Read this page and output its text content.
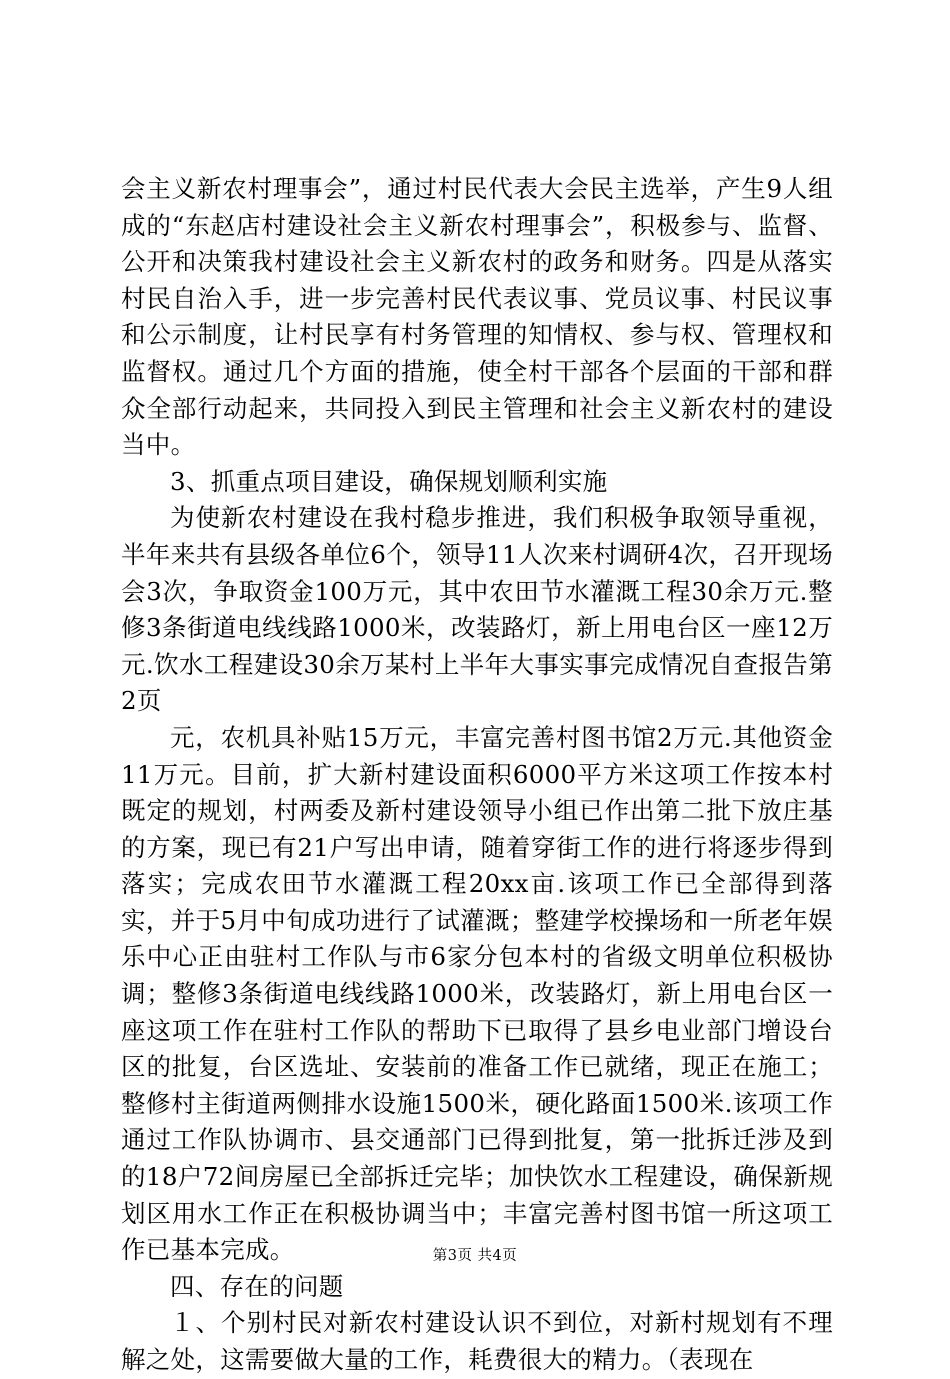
会主义新农村理事会”，通过村民代表大会民主选举，产生9人组成的“东赵店村建设社会主义新农村理事会”，积极参与、监督、公开和决策我村建设社会主义新农村的政务和财务。四是从落实村民自治入手，进一步完善村民代表议事、党员议事、村民议事和公示制度，让村民享有村务管理的知情权、参与权、管理权和监督权。通过几个方面的措施，使全村干部各个层面的干部和群众全部行动起来，共同投入到民主管理和社会主义新农村的建设当中。

3、抓重点项目建设，确保规划顺利实施

为使新农村建设在我村稳步推进，我们积极争取领导重视，半年来共有县级各单位6个，领导11人次来村调研4次，召开现场会3次，争取资金100万元，其中农田节水灌溉工程30余万元.整修3条街道电线线路1000米，改装路灯，新上用电台区一座12万元.饮水工程建设30余万某村上半年大事实事完成情况自查报告第2页

元，农机具补贴15万元，丰富完善村图书馆2万元.其他资金11万元。目前，扩大新村建设面积6000平方米这项工作按本村既定的规划，村两委及新村建设领导小组已作出第二批下放庄基的方案，现已有21户写出申请，随着穿街工作的进行将逐步得到落实；完成农田节水灌溉工程20xx亩.该项工作已全部得到落实，并于5月中旬成功进行了试灌溉；整建学校操场和一所老年娱乐中心正由驻村工作队与市6家分包本村的省级文明单位积极协调；整修3条街道电线线路1000米，改装路灯，新上用电台区一座这项工作在驻村工作队的帮助下已取得了县乡电业部门增设台区的批复，台区选址、安装前的准备工作已就绪，现正在施工；整修村主街道两侧排水设施1500米，硬化路面1500米.该项工作通过工作队协调市、县交通部门已得到批复，第一批拆迁涉及到的18户72间房屋已全部拆迁完毕；加快饮水工程建设，确保新规划区用水工作正在积极协调当中；丰富完善村图书馆一所这项工作已基本完成。

四、存在的问题

１、个别村民对新农村建设认识不到位，对新村规划有不理解之处，这需要做大量的工作，耗费很大的精力。（表现在

第3页 共4页
